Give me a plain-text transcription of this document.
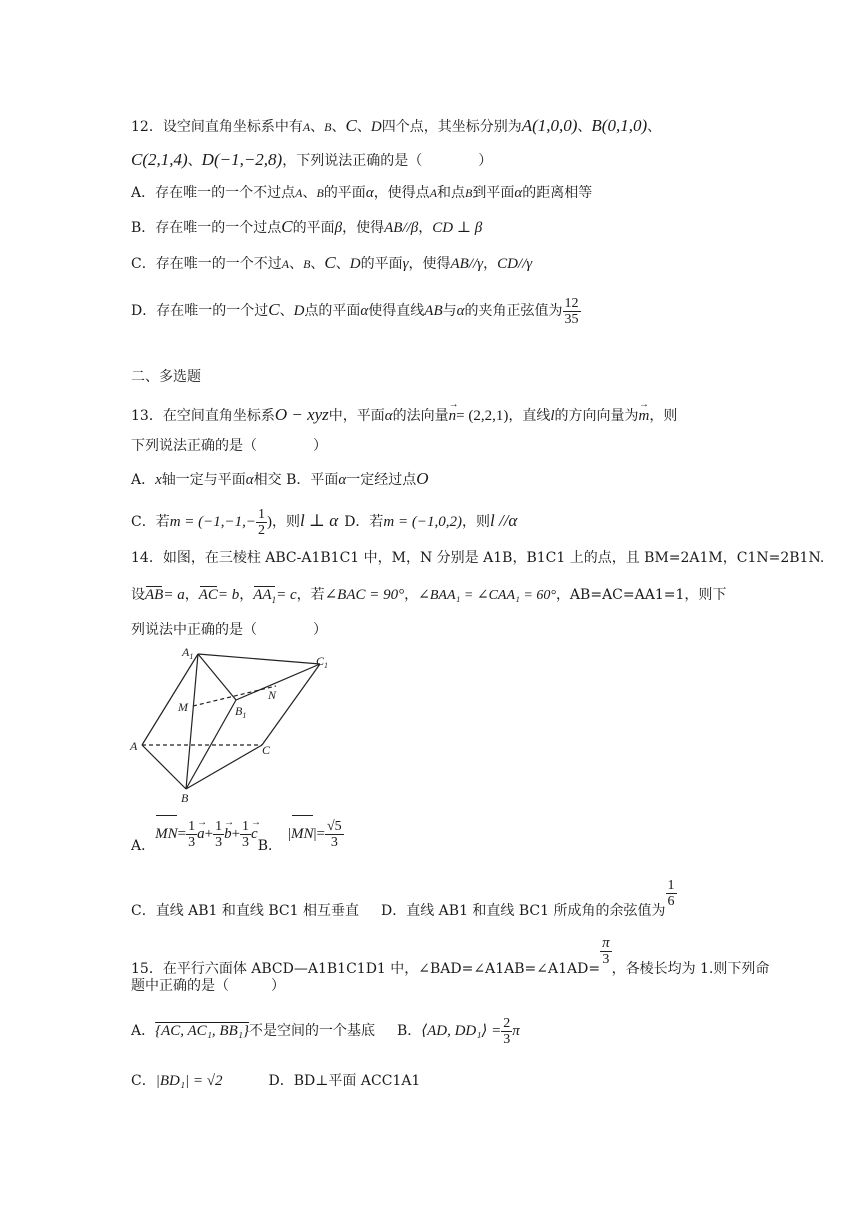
12．设空间直角坐标系中有A、B、C、D四个点，其坐标分别为A(1,0,0)、B(0,1,0)、
C(2,1,4)、D(−1,−2,8)，下列说法正确的是（　　　　）
A．存在唯一的一个不过点A、B的平面α，使得点A和点B到平面α的距离相等
B．存在唯一的一个过点C的平面β，使得AB//β，CD ⊥ β
C．存在唯一的一个不过A、B、C、D的平面γ，使得AB//γ，CD//γ
D．存在唯一的一个过C、D点的平面α使得直线AB与α的夹角正弦值为 $\frac{12}{35}$
二、多选题
13．在空间直角坐标系O − xyz中，平面α的法向量n →= (2,2,1)，直线l的方向向量为m →，则
下列说法正确的是（　　　　）
A．x轴一定与平面α相交 B．平面α一定经过点O
C．若$m = (-1,-1,- \frac{1}{2}$ )，则l ⊥ α D．若m = (−1,0,2)，则l //α
14．如图，在三棱柱 ABC-A1B1C1 中，M，N 分别是 A1B，B1C1 上的点，且 BM=2A1M，C1N=2B1N.
设AB= a，AC= b，$AA_1= c$，若∠BAC = 90°，∠BAA₁ = ∠CAA₁ = 60°，AB=AC=AA1=1，则下
列说法中正确的是（　　　　）
$A_1$	$C_1$
M
N
$B_1$
A	C
B
A．$MN= \frac{1}{3}$ $a \to+ \frac{1}{3}$ $b \to+ \frac{1}{3}$ c →B．$|MN|= \frac{√5}{3}$
C．直线 AB1 和直线 BC1 相互垂直 D．直线 AB1 和直线 BC1 所成角的余弦值为
$\frac{1}{6}$
15．在平行六面体 ABCD—A1B1C1D1 中，∠BAD=∠A1AB=∠A1AD=
$\frac{\pi}{3}$
，各棱长均为 1.则下列命
题中正确的是（　　　）
A．{AC, AC₁, BB₁}不是空间的一个基底 B．⟨AD, DD₁⟩ = $\frac{2}{3}$ π
C．|BD₁| = √2	D．BD⊥平面 ACC1A1
